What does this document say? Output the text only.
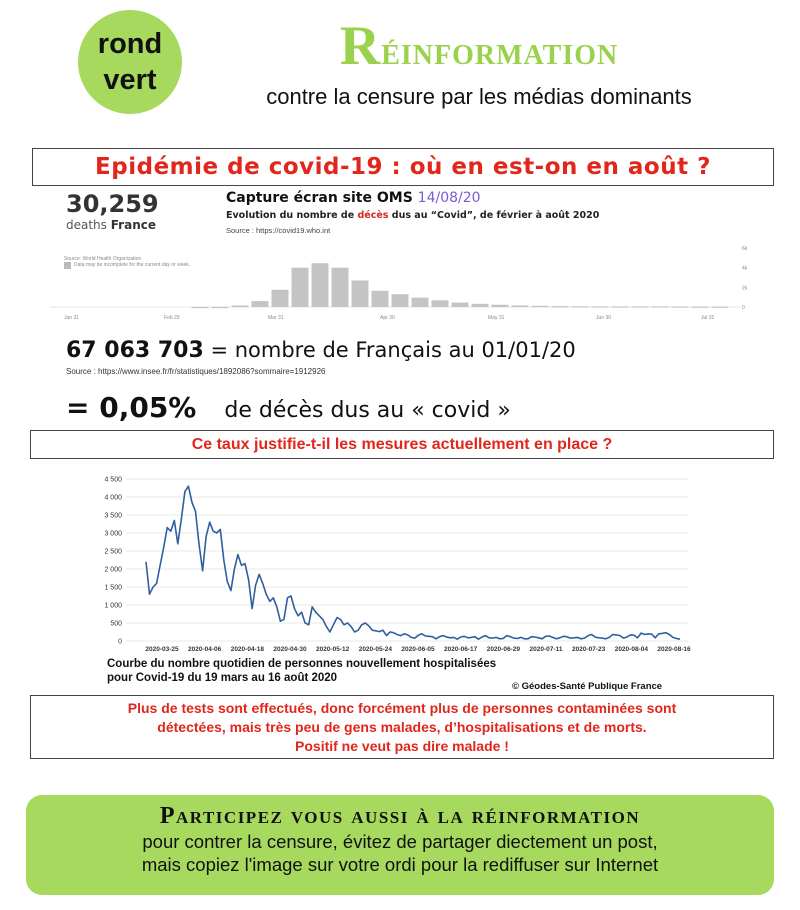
rond
vert
Réinformation
contre la censure par les médias dominants
Epidémie de covid-19 : où en est-on en août ?
30,259
deaths France
Capture écran site OMS 14/08/20
Evolution du nombre de décès dus au “Covid”, de février à août 2020
Source : https://covid19.who.int
Source: World Health Organization
Data may be incomplete for the current day or week.
0
2k
4k
6k
Jan 31	Feb 29	Mar 31	Apr 30	May 31	Jun 30	Jul 31
67 063 703 = nombre de Français au 01/01/20
Source : https://www.insee.fr/fr/statistiques/1892086?sommaire=1912926
= 0,05% de décès dus au « covid »
Ce taux justifie-t-il les mesures actuellement en place ?
0
500
1 000
1 500
2 000
2 500
3 000
3 500
4 000
4 500
2020-03-25 2020-04-06 2020-04-18 2020-04-30 2020-05-12 2020-05-24 2020-06-05 2020-06-17 2020-06-29 2020-07-11 2020-07-23 2020-08-04 2020-08-16
Courbe du nombre quotidien de personnes nouvellement hospitalisées
pour Covid-19 du 19 mars au 16 août 2020
© Géodes-Santé Publique France
Plus de tests sont effectués, donc forcément plus de personnes contaminées sont
détectées, mais très peu de gens malades, d’hospitalisations et de morts.
Positif ne veut pas dire malade !
Participez vous aussi à la réinformation
pour contrer la censure, évitez de partager diectement un post,
mais copiez l'image sur votre ordi pour la rediffuser sur Internet
